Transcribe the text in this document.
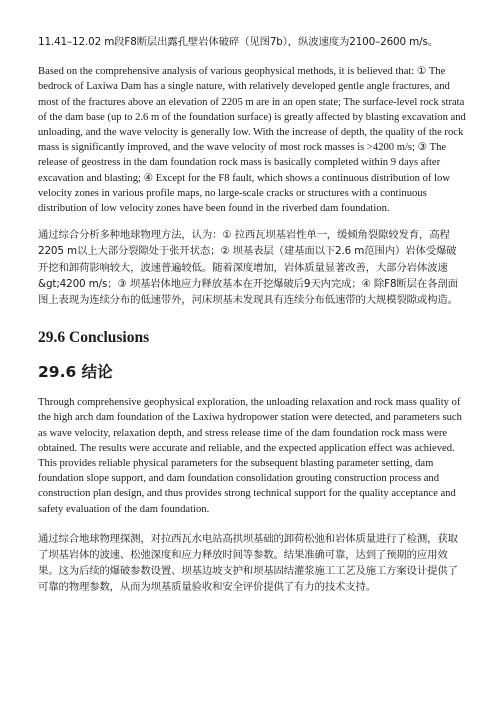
11.41–12.02 m段F8断层出露孔壁岩体破碎（见图7b），纵波速度为2100–2600 m/s。

Based on the comprehensive analysis of various geophysical methods, it is believed that: ① The bedrock of Laxiwa Dam has a single nature, with relatively developed gentle angle fractures, and most of the fractures above an elevation of 2205 m are in an open state; The surface-level rock strata of the dam base (up to 2.6 m of the foundation surface) is greatly affected by blasting excavation and unloading, and the wave velocity is generally low. With the increase of depth, the quality of the rock mass is significantly improved, and the wave velocity of most rock masses is >4200 m/s; ③ The release of geostress in the dam foundation rock mass is basically completed within 9 days after excavation and blasting; ④ Except for the F8 fault, which shows a continuous distribution of low velocity zones in various profile maps, no large-scale cracks or structures with a continuous distribution of low velocity zones have been found in the riverbed dam foundation.

通过综合分析多种地球物理方法，认为：① 拉西瓦坝基岩性单一，缓倾角裂隙较发育，高程2205 m以上大部分裂隙处于张开状态；② 坝基表层（建基面以下2.6 m范围内）岩体受爆破开挖和卸荷影响较大，波速普遍较低。随着深度增加，岩体质量显著改善，大部分岩体波速&gt;4200 m/s；③ 坝基岩体地应力释放基本在开挖爆破后9天内完成；④ 除F8断层在各剖面图上表现为连续分布的低速带外，河床坝基未发现具有连续分布低速带的大规模裂隙或构造。

29.6 Conclusions
29.6 结论

Through comprehensive geophysical exploration, the unloading relaxation and rock mass quality of the high arch dam foundation of the Laxiwa hydropower station were detected, and parameters such as wave velocity, relaxation depth, and stress release time of the dam foundation rock mass were obtained. The results were accurate and reliable, and the expected application effect was achieved. This provides reliable physical parameters for the subsequent blasting parameter setting, dam foundation slope support, and dam foundation consolidation grouting construction process and construction plan design, and thus provides strong technical support for the quality acceptance and safety evaluation of the dam foundation.

通过综合地球物理探测，对拉西瓦水电站高拱坝基础的卸荷松弛和岩体质量进行了检测，获取了坝基岩体的波速、松弛深度和应力释放时间等参数。结果准确可靠，达到了预期的应用效果。这为后续的爆破参数设置、坝基边坡支护和坝基固结灌浆施工工艺及施工方案设计提供了可靠的物理参数，从而为坝基质量验收和安全评价提供了有力的技术支持。
